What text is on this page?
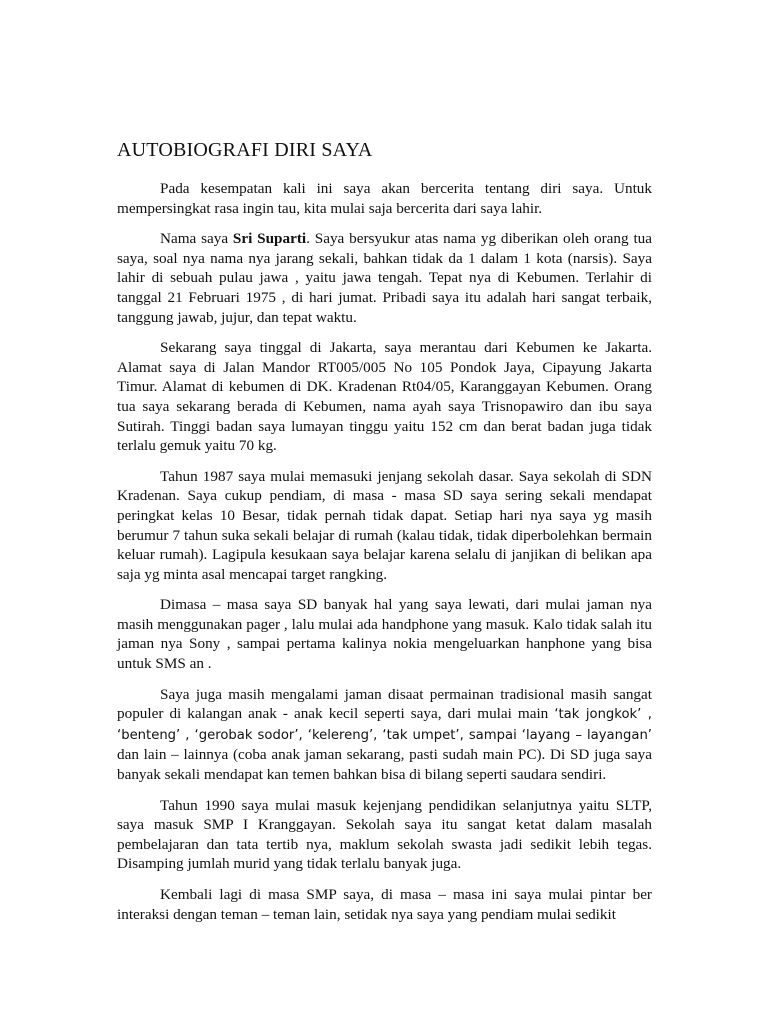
AUTOBIOGRAFI DIRI SAYA

Pada kesempatan kali ini saya akan bercerita tentang diri saya. Untuk mempersingkat rasa ingin tau, kita mulai saja bercerita dari saya lahir.

Nama saya Sri Suparti. Saya bersyukur atas nama yg diberikan oleh orang tua saya, soal nya nama nya jarang sekali, bahkan tidak da 1 dalam 1 kota (narsis). Saya lahir di sebuah pulau jawa , yaitu jawa tengah. Tepat nya di Kebumen. Terlahir di tanggal 21 Februari 1975 , di hari jumat. Pribadi saya itu adalah hari sangat terbaik, tanggung jawab, jujur, dan tepat waktu.

Sekarang saya tinggal di Jakarta, saya merantau dari Kebumen ke Jakarta. Alamat saya di Jalan Mandor RT005/005 No 105 Pondok Jaya, Cipayung Jakarta Timur. Alamat di kebumen di DK. Kradenan Rt04/05, Karanggayan Kebumen. Orang tua saya sekarang berada di Kebumen, nama ayah saya Trisnopawiro dan ibu saya Sutirah. Tinggi badan saya lumayan tinggu yaitu 152 cm dan berat badan juga tidak terlalu gemuk yaitu 70 kg.

Tahun 1987 saya mulai memasuki jenjang sekolah dasar. Saya sekolah di SDN Kradenan. Saya cukup pendiam, di masa - masa SD saya sering sekali mendapat peringkat kelas 10 Besar, tidak pernah tidak dapat. Setiap hari nya saya yg masih berumur 7 tahun suka sekali belajar di rumah (kalau tidak, tidak diperbolehkan bermain keluar rumah). Lagipula kesukaan saya belajar karena selalu di janjikan di belikan apa saja yg minta asal mencapai target rangking.

Dimasa – masa saya SD banyak hal yang saya lewati, dari mulai jaman nya masih menggunakan pager , lalu mulai ada handphone yang masuk. Kalo tidak salah itu jaman nya Sony , sampai pertama kalinya nokia mengeluarkan hanphone yang bisa untuk SMS an .

Saya juga masih mengalami jaman disaat permainan tradisional masih sangat populer di kalangan anak - anak kecil seperti saya, dari mulai main ‘tak jongkok’ , ‘benteng’ , ‘gerobak sodor’, ‘kelereng’, ‘tak umpet’, sampai ‘layang – layangan’ dan lain – lainnya (coba anak jaman sekarang, pasti sudah main PC). Di SD juga saya banyak sekali mendapat kan temen bahkan bisa di bilang seperti saudara sendiri.

Tahun 1990 saya mulai masuk kejenjang pendidikan selanjutnya yaitu SLTP, saya masuk SMP I Kranggayan. Sekolah saya itu sangat ketat dalam masalah pembelajaran dan tata tertib nya, maklum sekolah swasta jadi sedikit lebih tegas. Disamping jumlah murid yang tidak terlalu banyak juga.

Kembali lagi di masa SMP saya, di masa – masa ini saya mulai pintar ber interaksi dengan teman – teman lain, setidak nya saya yang pendiam mulai sedikit
